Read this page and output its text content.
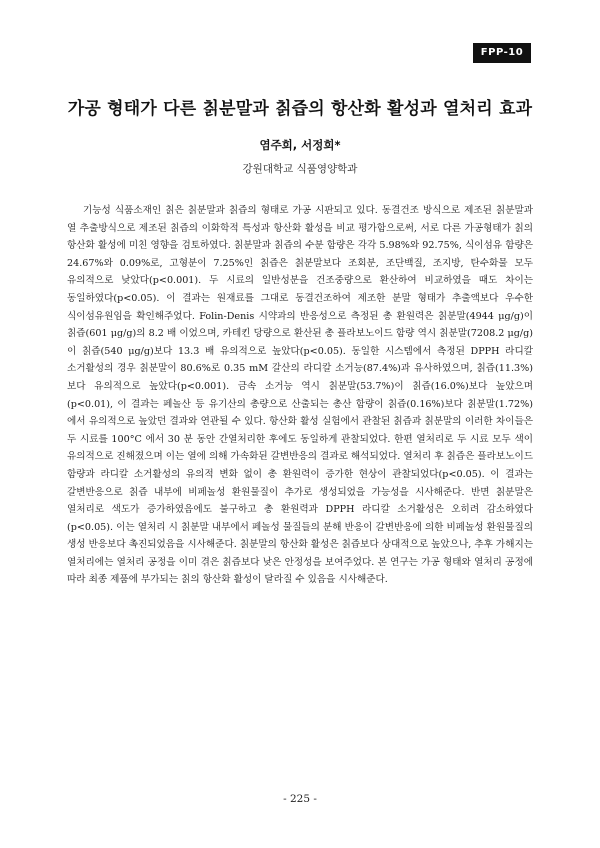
FPP-10
가공 형태가 다른 칡분말과 칡즙의 항산화 활성과 열처리 효과
염주희, 서정희*
강원대학교 식품영양학과

기능성 식품소재인 칡은 칡분말과 칡즙의 형태로 가공 시판되고 있다. 동결건조 방식으로 제조된 칡분말과 열 추출방식으로 제조된 칡즙의 이화학적 특성과 항산화 활성을 비교 평가함으로써, 서로 다른 가공형태가 칡의 항산화 활성에 미친 영향을 검토하였다. 칡분말과 칡즙의 수분 함량은 각각 5.98%와 92.75%, 식이섬유 함량은 24.67%와 0.09%로, 고형분이 7.25%인 칡즙은 칡분말보다 조회분, 조단백질, 조지방, 탄수화물 모두 유의적으로 낮았다(p<0.001). 두 시료의 일반성분을 건조중량으로 환산하여 비교하였을 때도 차이는 동일하였다(p<0.05). 이 결과는 원재료를 그대로 동결건조하여 제조한 분말 형태가 추출액보다 우수한 식이섬유원임을 확인해주었다. Folin-Denis 시약과의 반응성으로 측정된 총 환원력은 칡분말(4944 μg/g)이 칡즙(601 μg/g)의 8.2 배 이었으며, 카테킨 당량으로 환산된 총 플라보노이드 함량 역시 칡분말(7208.2 μg/g)이 칡즙(540 μg/g)보다 13.3 배 유의적으로 높았다(p<0.05). 동일한 시스템에서 측정된 DPPH 라디칼 소거활성의 경우 칡분말이 80.6%로 0.35 mM 갈산의 라디칼 소거능(87.4%)과 유사하였으며, 칡즙(11.3%)보다 유의적으로 높았다(p<0.001). 금속 소거능 역시 칡분말(53.7%)이 칡즙(16.0%)보다 높았으며(p<0.01), 이 결과는 페놀산 등 유기산의 총량으로 산출되는 총산 함량이 칡즙(0.16%)보다 칡분말(1.72%)에서 유의적으로 높았던 결과와 연관될 수 있다. 항산화 활성 실험에서 관찰된 칡즙과 칡분말의 이러한 차이들은 두 시료를 100°C 에서 30 분 동안 간열처리한 후에도 동일하게 관찰되었다. 한편 열처리로 두 시료 모두 색이 유의적으로 진해졌으며 이는 열에 의해 가속화된 갈변반응의 결과로 해석되었다. 열처리 후 칡즙은 플라보노이드 함량과 라디칼 소거활성의 유의적 변화 없이 총 환원력이 증가한 현상이 관찰되었다(p<0.05). 이 결과는 갈변반응으로 칡즙 내부에 비페놀성 환원물질이 추가로 생성되었을 가능성을 시사해준다. 반면 칡분말은 열처리로 색도가 증가하였음에도 불구하고 총 환원력과 DPPH 라디칼 소거활성은 오히려 감소하였다(p<0.05). 이는 열처리 시 칡분말 내부에서 페놀성 물질들의 분해 반응이 갈변반응에 의한 비페놀성 환원물질의 생성 반응보다 촉진되었음을 시사해준다. 칡분말의 항산화 활성은 칡즙보다 상대적으로 높았으나, 추후 가해지는 열처리에는 열처리 공정을 이미 겪은 칡즙보다 낮은 안정성을 보여주었다. 본 연구는 가공 형태와 열처리 공정에 따라 최종 제품에 부가되는 칡의 항산화 활성이 달라질 수 있음을 시사해준다.

- 225 -
